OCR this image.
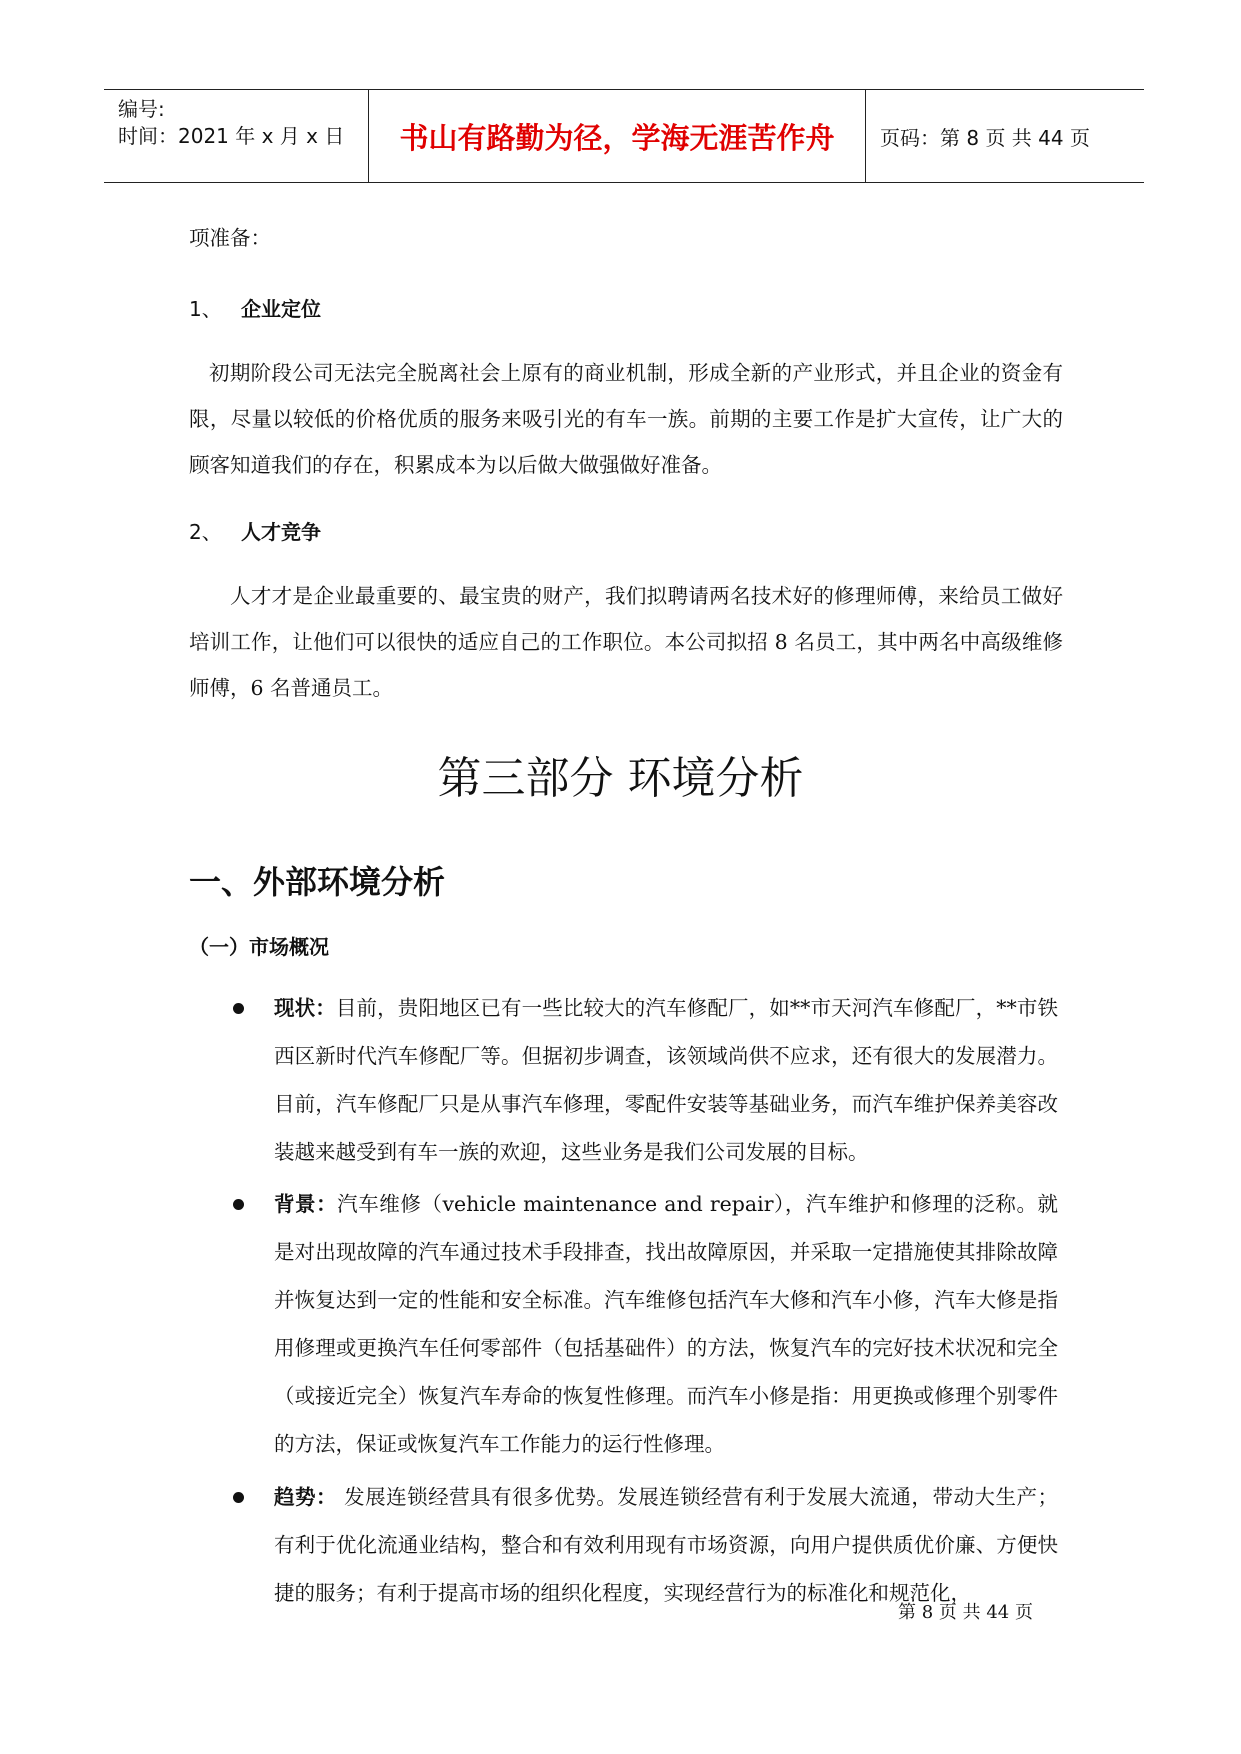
编号:
时间：2021 年 x 月 x 日	书山有路勤为径，学海无涯苦作舟	页码：第 8 页 共 44 页
项准备：
1、 企业定位
初期阶段公司无法完全脱离社会上原有的商业机制，形成全新的产业形式，并且企业的资金有限，尽量以较低的价格优质的服务来吸引光的有车一族。前期的主要工作是扩大宣传，让广大的顾客知道我们的存在，积累成本为以后做大做强做好准备。
2、 人才竞争
人才才是企业最重要的、最宝贵的财产，我们拟聘请两名技术好的修理师傅，来给员工做好培训工作，让他们可以很快的适应自己的工作职位。本公司拟招 8 名员工，其中两名中高级维修师傅，6 名普通员工。
第三部分 环境分析
一、外部环境分析
（一）市场概况
现状：目前，贵阳地区已有一些比较大的汽车修配厂，如**市天河汽车修配厂，**市铁西区新时代汽车修配厂等。但据初步调查，该领域尚供不应求，还有很大的发展潜力。目前，汽车修配厂只是从事汽车修理，零配件安装等基础业务，而汽车维护保养美容改装越来越受到有车一族的欢迎，这些业务是我们公司发展的目标。
背景：汽车维修（vehicle maintenance and repair），汽车维护和修理的泛称。就是对出现故障的汽车通过技术手段排查，找出故障原因，并采取一定措施使其排除故障并恢复达到一定的性能和安全标准。汽车维修包括汽车大修和汽车小修，汽车大修是指用修理或更换汽车任何零部件（包括基础件）的方法，恢复汽车的完好技术状况和完全（或接近完全）恢复汽车寿命的恢复性修理。而汽车小修是指：用更换或修理个别零件的方法，保证或恢复汽车工作能力的运行性修理。
趋势： 发展连锁经营具有很多优势。发展连锁经营有利于发展大流通，带动大生产；有利于优化流通业结构，整合和有效利用现有市场资源，向用户提供质优价廉、方便快捷的服务；有利于提高市场的组织化程度，实现经营行为的标准化和规范化，
第 8 页 共 44 页
